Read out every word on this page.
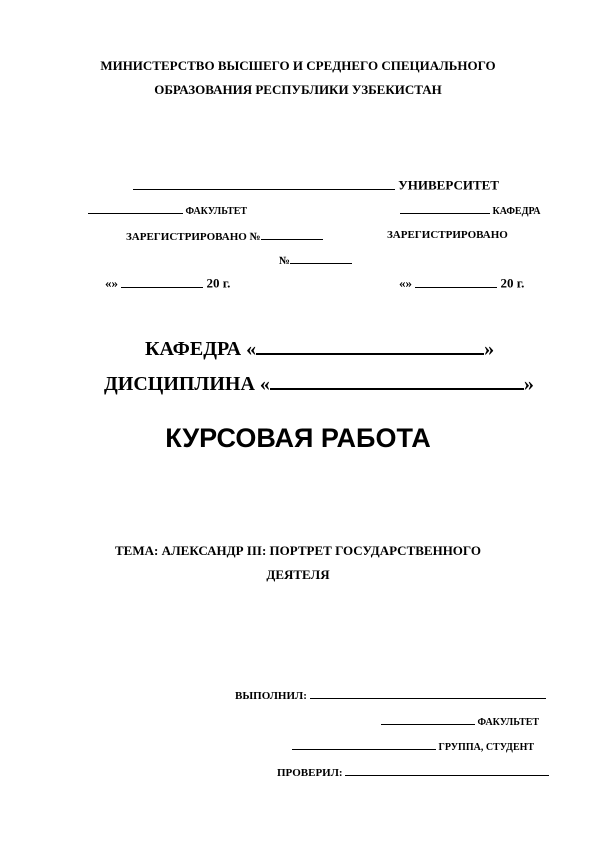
МИНИСТЕРСТВО ВЫСШЕГО И СРЕДНЕГО СПЕЦИАЛЬНОГО
ОБРАЗОВАНИЯ РЕСПУБЛИКИ УЗБЕКИСТАН
УНИВЕРСИТЕТ
ФАКУЛЬТЕТ	КАФЕДРА
ЗАРЕГИСТРИРОВАНО №	ЗАРЕГИСТРИРОВАНО
№
«»	20 г.	«»	20 г.
КАФЕДРА «	»
ДИСЦИПЛИНА «	»
КУРСОВАЯ РАБОТА
ТЕМА: АЛЕКСАНДР III: ПОРТРЕТ ГОСУДАРСТВЕННОГО
ДЕЯТЕЛЯ
ВЫПОЛНИЛ:
ФАКУЛЬТЕТ
ГРУППА, СТУДЕНТ
ПРОВЕРИЛ:
